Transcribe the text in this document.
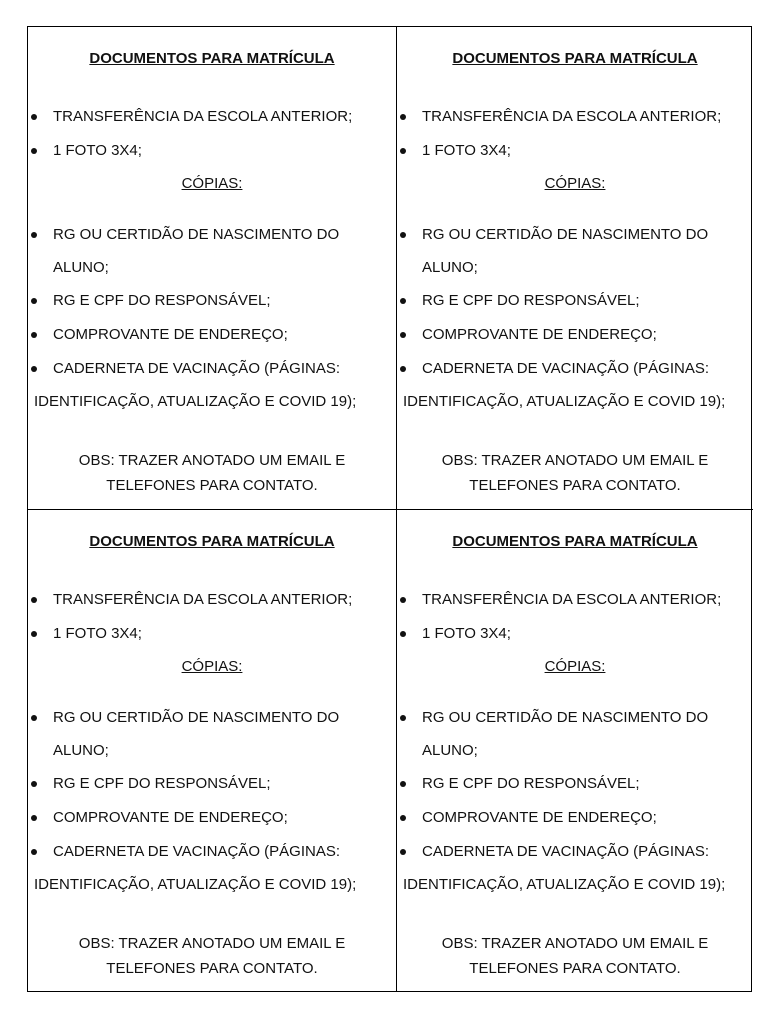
DOCUMENTOS PARA MATRÍCULA
TRANSFERÊNCIA DA ESCOLA ANTERIOR;
1 FOTO 3X4;
CÓPIAS:
RG OU CERTIDÃO DE NASCIMENTO DO
ALUNO;
RG E CPF DO RESPONSÁVEL;
COMPROVANTE DE ENDEREÇO;
CADERNETA DE VACINAÇÃO (PÁGINAS:
IDENTIFICAÇÃO, ATUALIZAÇÃO E COVID 19);
OBS: TRAZER ANOTADO UM EMAIL E
TELEFONES PARA CONTATO.
DOCUMENTOS PARA MATRÍCULA
TRANSFERÊNCIA DA ESCOLA ANTERIOR;
1 FOTO 3X4;
CÓPIAS:
RG OU CERTIDÃO DE NASCIMENTO DO
ALUNO;
RG E CPF DO RESPONSÁVEL;
COMPROVANTE DE ENDEREÇO;
CADERNETA DE VACINAÇÃO (PÁGINAS:
IDENTIFICAÇÃO, ATUALIZAÇÃO E COVID 19);
OBS: TRAZER ANOTADO UM EMAIL E
TELEFONES PARA CONTATO.
DOCUMENTOS PARA MATRÍCULA
TRANSFERÊNCIA DA ESCOLA ANTERIOR;
1 FOTO 3X4;
CÓPIAS:
RG OU CERTIDÃO DE NASCIMENTO DO
ALUNO;
RG E CPF DO RESPONSÁVEL;
COMPROVANTE DE ENDEREÇO;
CADERNETA DE VACINAÇÃO (PÁGINAS:
IDENTIFICAÇÃO, ATUALIZAÇÃO E COVID 19);
OBS: TRAZER ANOTADO UM EMAIL E
TELEFONES PARA CONTATO.
DOCUMENTOS PARA MATRÍCULA
TRANSFERÊNCIA DA ESCOLA ANTERIOR;
1 FOTO 3X4;
CÓPIAS:
RG OU CERTIDÃO DE NASCIMENTO DO
ALUNO;
RG E CPF DO RESPONSÁVEL;
COMPROVANTE DE ENDEREÇO;
CADERNETA DE VACINAÇÃO (PÁGINAS:
IDENTIFICAÇÃO, ATUALIZAÇÃO E COVID 19);
OBS: TRAZER ANOTADO UM EMAIL E
TELEFONES PARA CONTATO.
